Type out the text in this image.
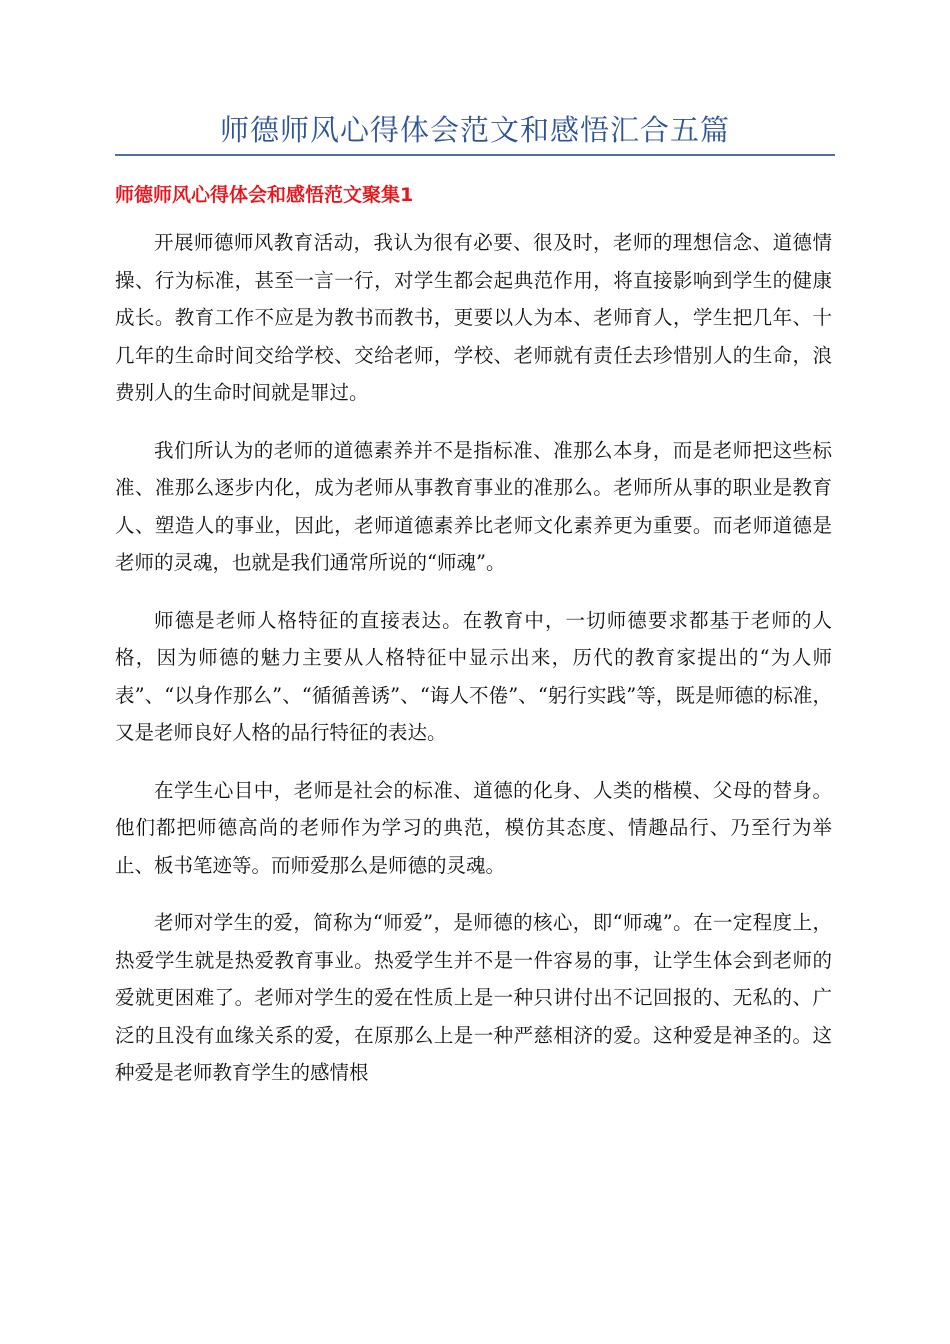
师德师风心得体会范文和感悟汇合五篇
师德师风心得体会和感悟范文聚集1

开展师德师风教育活动，我认为很有必要、很及时，老师的理想信念、道德情操、行为标准，甚至一言一行，对学生都会起典范作用，将直接影响到学生的健康成长。教育工作不应是为教书而教书，更要以人为本、老师育人，学生把几年、十几年的生命时间交给学校、交给老师，学校、老师就有责任去珍惜别人的生命，浪费别人的生命时间就是罪过。

我们所认为的老师的道德素养并不是指标准、准那么本身，而是老师把这些标准、准那么逐步内化，成为老师从事教育事业的准那么。老师所从事的职业是教育人、塑造人的事业，因此，老师道德素养比老师文化素养更为重要。而老师道德是老师的灵魂，也就是我们通常所说的“师魂”。

师德是老师人格特征的直接表达。在教育中，一切师德要求都基于老师的人格，因为师德的魅力主要从人格特征中显示出来，历代的教育家提出的“为人师表”、“以身作那么”、“循循善诱”、“诲人不倦”、“躬行实践”等，既是师德的标准，又是老师良好人格的品行特征的表达。

在学生心目中，老师是社会的标准、道德的化身、人类的楷模、父母的替身。他们都把师德高尚的老师作为学习的典范，模仿其态度、情趣品行、乃至行为举止、板书笔迹等。而师爱那么是师德的灵魂。

老师对学生的爱，简称为“师爱”，是师德的核心，即“师魂”。在一定程度上，热爱学生就是热爱教育事业。热爱学生并不是一件容易的事，让学生体会到老师的爱就更困难了。老师对学生的爱在性质上是一种只讲付出不记回报的、无私的、广泛的且没有血缘关系的爱，在原那么上是一种严慈相济的爱。这种爱是神圣的。这种爱是老师教育学生的感情根
